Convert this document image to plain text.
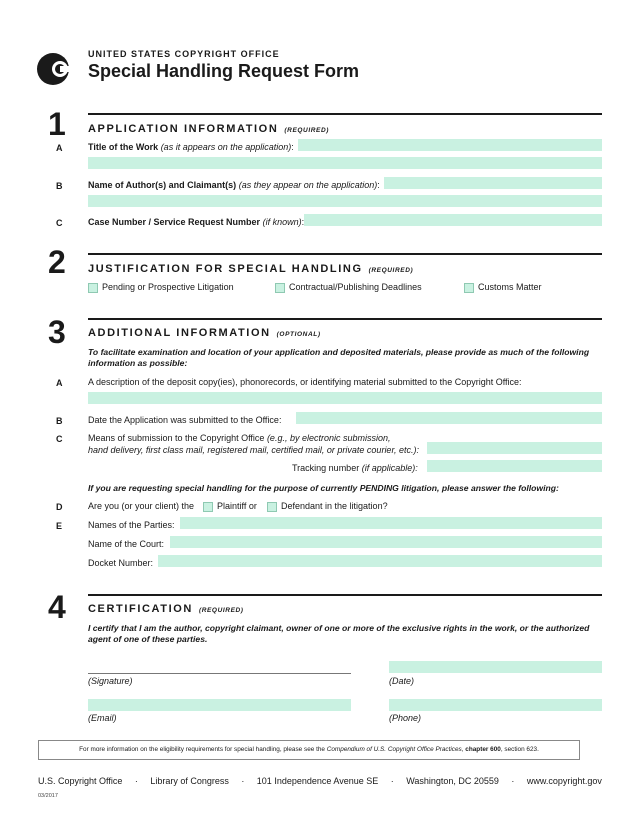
UNITED STATES COPYRIGHT OFFICE
Special Handling Request Form
1 APPLICATION INFORMATION (REQUIRED)
A	Title of the Work (as it appears on the application):
B	Name of Author(s) and Claimant(s) (as they appear on the application):
C	Case Number / Service Request Number (if known):
2 JUSTIFICATION FOR SPECIAL HANDLING (REQUIRED)
Pending or Prospective Litigation	Contractual/Publishing Deadlines	Customs Matter
3 ADDITIONAL INFORMATION (OPTIONAL)
To facilitate examination and location of your application and deposited materials, please provide as much of the following information as possible:
A	A description of the deposit copy(ies), phonorecords, or identifying material submitted to the Copyright Office:
B	Date the Application was submitted to the Office:
C	Means of submission to the Copyright Office (e.g., by electronic submission,
hand delivery, first class mail, registered mail, certified mail, or private courier, etc.):
Tracking number (if applicable):
If you are requesting special handling for the purpose of currently PENDING litigation, please answer the following:
D	Are you (or your client) the	Plaintiff or	Defendant in the litigation?
E	Names of the Parties:
Name of the Court:
Docket Number:
4 CERTIFICATION (REQUIRED)
I certify that I am the author, copyright claimant, owner of one or more of the exclusive rights in the work, or the authorized agent of one of these parties.
(Signature)	(Date)
(Email)	(Phone)
For more information on the eligibility requirements for special handling, please see the Compendium of U.S. Copyright Office Practices, chapter 600, section 623.
U.S. Copyright Office · Library of Congress · 101 Independence Avenue SE · Washington, DC 20559 · www.copyright.gov
03/2017
